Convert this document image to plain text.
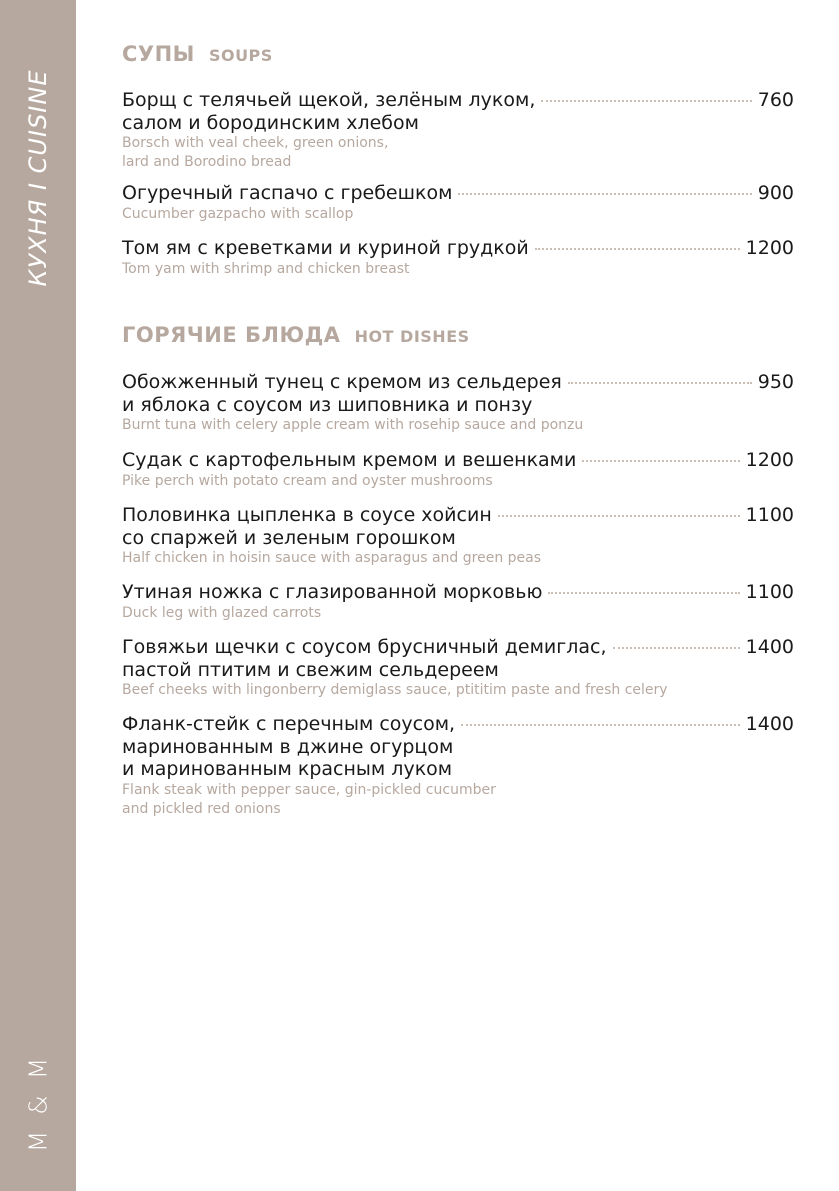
КУХНЯ I CUISINE
M & M
СУПЫ SOUPS
Борщ с телячьей щекой, зелёным луком,	760
салом и бородинским хлебом
Borsch with veal cheek, green onions,
lard and Borodino bread
Огуречный гаспачо с гребешком	900
Cucumber gazpacho with scallop
Том ям с креветками и куриной грудкой	1200
Tom yam with shrimp and chicken breast
ГОРЯЧИЕ БЛЮДА HOT DISHES
Обожженный тунец с кремом из сельдерея	950
и яблока с соусом из шиповника и понзу
Burnt tuna with celery apple cream with rosehip sauce and ponzu
Судак с картофельным кремом и вешенками	1200
Pike perch with potato cream and oyster mushrooms
Половинка цыпленка в соусе хойсин	1100
со спаржей и зеленым горошком
Half chicken in hoisin sauce with asparagus and green peas
Утиная ножка с глазированной морковью	1100
Duck leg with glazed carrots
Говяжьи щечки с соусом брусничный демиглас,	1400
пастой птитим и свежим сельдереем
Beef cheeks with lingonberry demiglass sauce, ptititim paste and fresh celery
Фланк-стейк с перечным соусом,	1400
маринованным в джине огурцом
и маринованным красным луком
Flank steak with pepper sauce, gin-pickled cucumber
and pickled red onions
